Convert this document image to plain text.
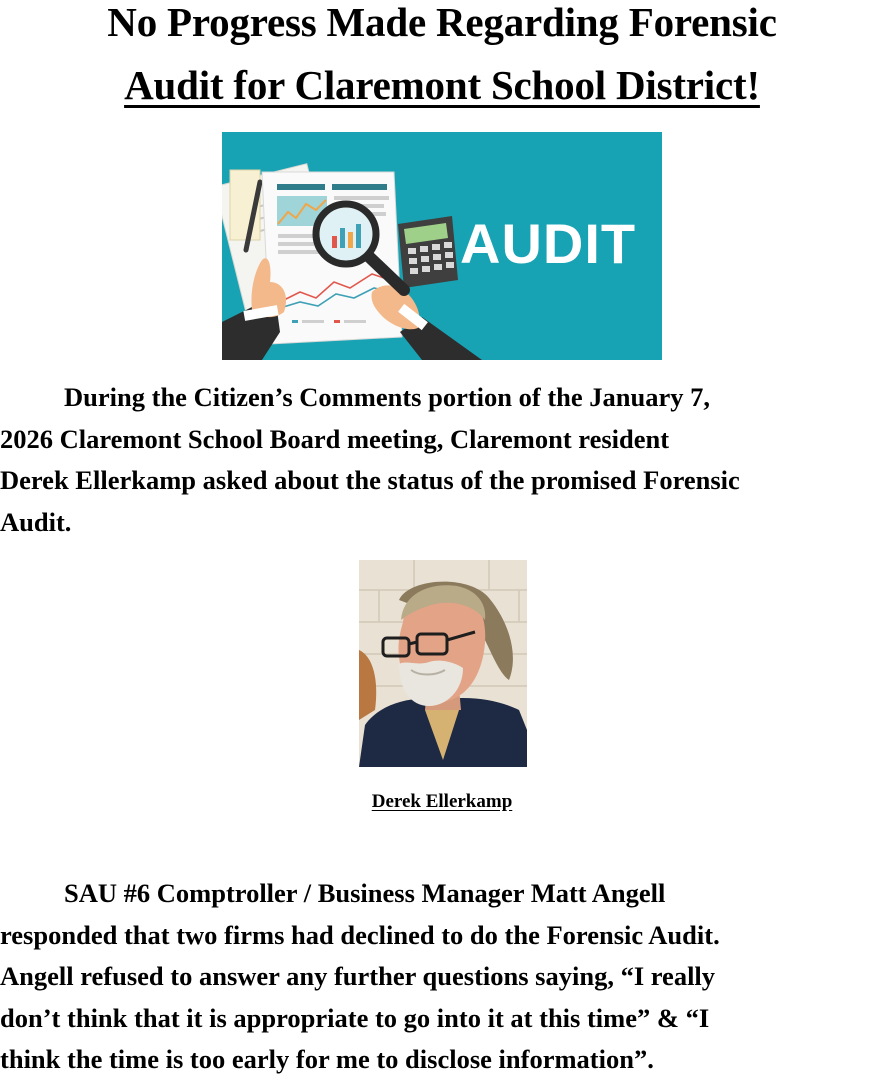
No Progress Made Regarding Forensic
Audit for Claremont School District!
AUDIT

During the Citizen’s Comments portion of the January 7,
2026 Claremont School Board meeting, Claremont resident
Derek Ellerkamp asked about the status of the promised Forensic
Audit.

Derek Ellerkamp

SAU #6 Comptroller / Business Manager Matt Angell
responded that two firms had declined to do the Forensic Audit.
Angell refused to answer any further questions saying, “I really
don’t think that it is appropriate to go into it at this time” & “I
think the time is too early for me to disclose information”.
